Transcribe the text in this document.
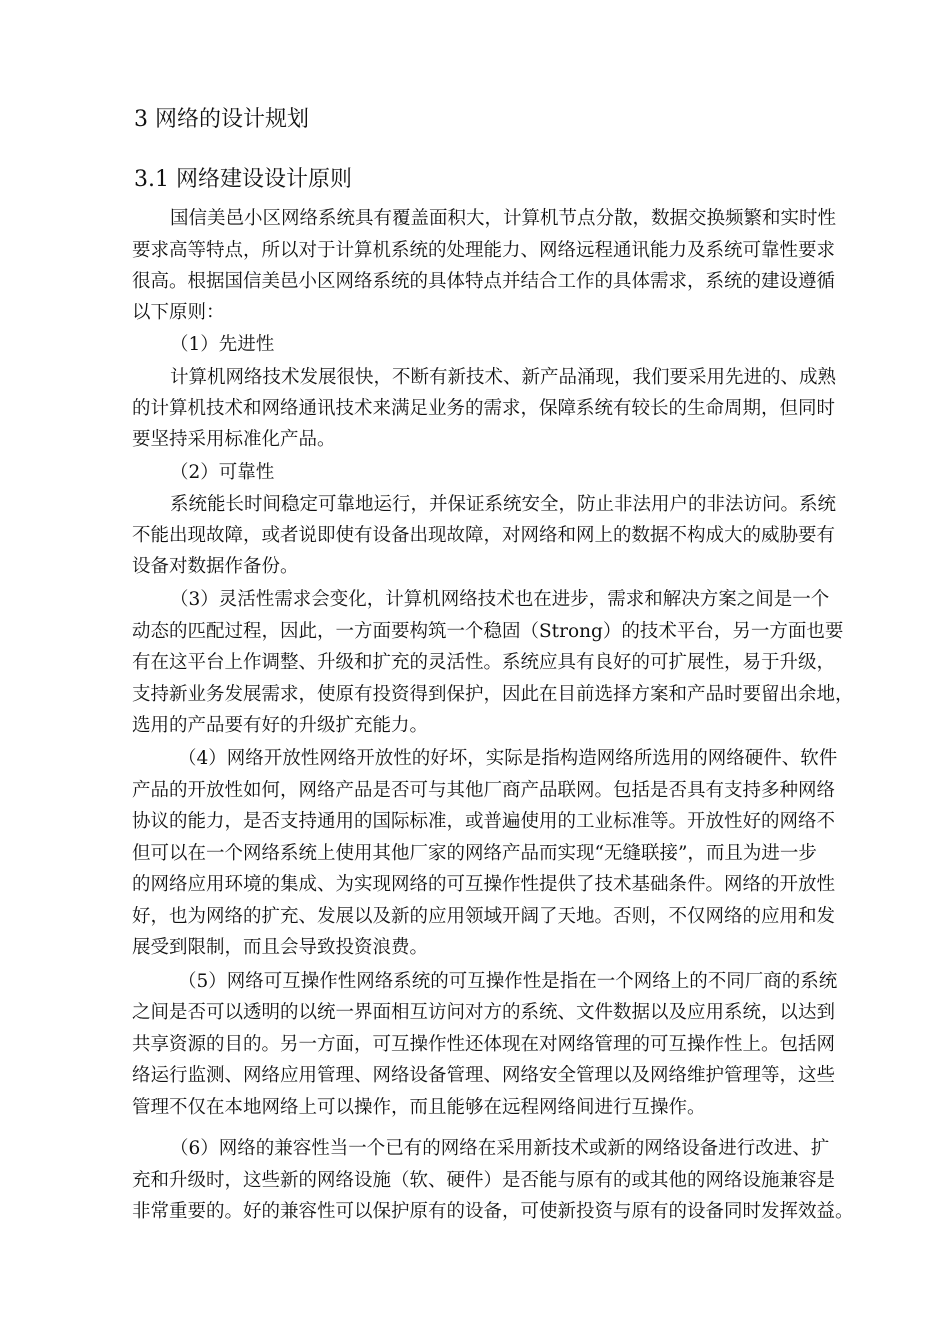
3 网络的设计规划
3.1 网络建设设计原则
国信美邑小区网络系统具有覆盖面积大，计算机节点分散，数据交换频繁和实时性
要求高等特点，所以对于计算机系统的处理能力、网络远程通讯能力及系统可靠性要求
很高。根据国信美邑小区网络系统的具体特点并结合工作的具体需求，系统的建设遵循
以下原则：
（1）先进性
计算机网络技术发展很快，不断有新技术、新产品涌现，我们要采用先进的、成熟
的计算机技术和网络通讯技术来满足业务的需求，保障系统有较长的生命周期，但同时
要坚持采用标准化产品。
（2）可靠性
系统能长时间稳定可靠地运行，并保证系统安全，防止非法用户的非法访问。系统
不能出现故障，或者说即使有设备出现故障，对网络和网上的数据不构成大的威胁要有
设备对数据作备份。
（3）灵活性需求会变化，计算机网络技术也在进步，需求和解决方案之间是一个
动态的匹配过程，因此，一方面要构筑一个稳固（Strong）的技术平台，另一方面也要
有在这平台上作调整、升级和扩充的灵活性。系统应具有良好的可扩展性，易于升级，
支持新业务发展需求，使原有投资得到保护，因此在目前选择方案和产品时要留出余地，
选用的产品要有好的升级扩充能力。
（4）网络开放性网络开放性的好坏，实际是指构造网络所选用的网络硬件、软件
产品的开放性如何，网络产品是否可与其他厂商产品联网。包括是否具有支持多种网络
协议的能力，是否支持通用的国际标准，或普遍使用的工业标准等。开放性好的网络不
但可以在一个网络系统上使用其他厂家的网络产品而实现“无缝联接”，而且为进一步
的网络应用环境的集成、为实现网络的可互操作性提供了技术基础条件。网络的开放性
好，也为网络的扩充、发展以及新的应用领域开阔了天地。否则，不仅网络的应用和发
展受到限制，而且会导致投资浪费。
（5）网络可互操作性网络系统的可互操作性是指在一个网络上的不同厂商的系统
之间是否可以透明的以统一界面相互访问对方的系统、文件数据以及应用系统，以达到
共享资源的目的。另一方面，可互操作性还体现在对网络管理的可互操作性上。包括网
络运行监测、网络应用管理、网络设备管理、网络安全管理以及网络维护管理等，这些
管理不仅在本地网络上可以操作，而且能够在远程网络间进行互操作。
（6）网络的兼容性当一个已有的网络在采用新技术或新的网络设备进行改进、扩
充和升级时，这些新的网络设施（软、硬件）是否能与原有的或其他的网络设施兼容是
非常重要的。好的兼容性可以保护原有的设备，可使新投资与原有的设备同时发挥效益。
